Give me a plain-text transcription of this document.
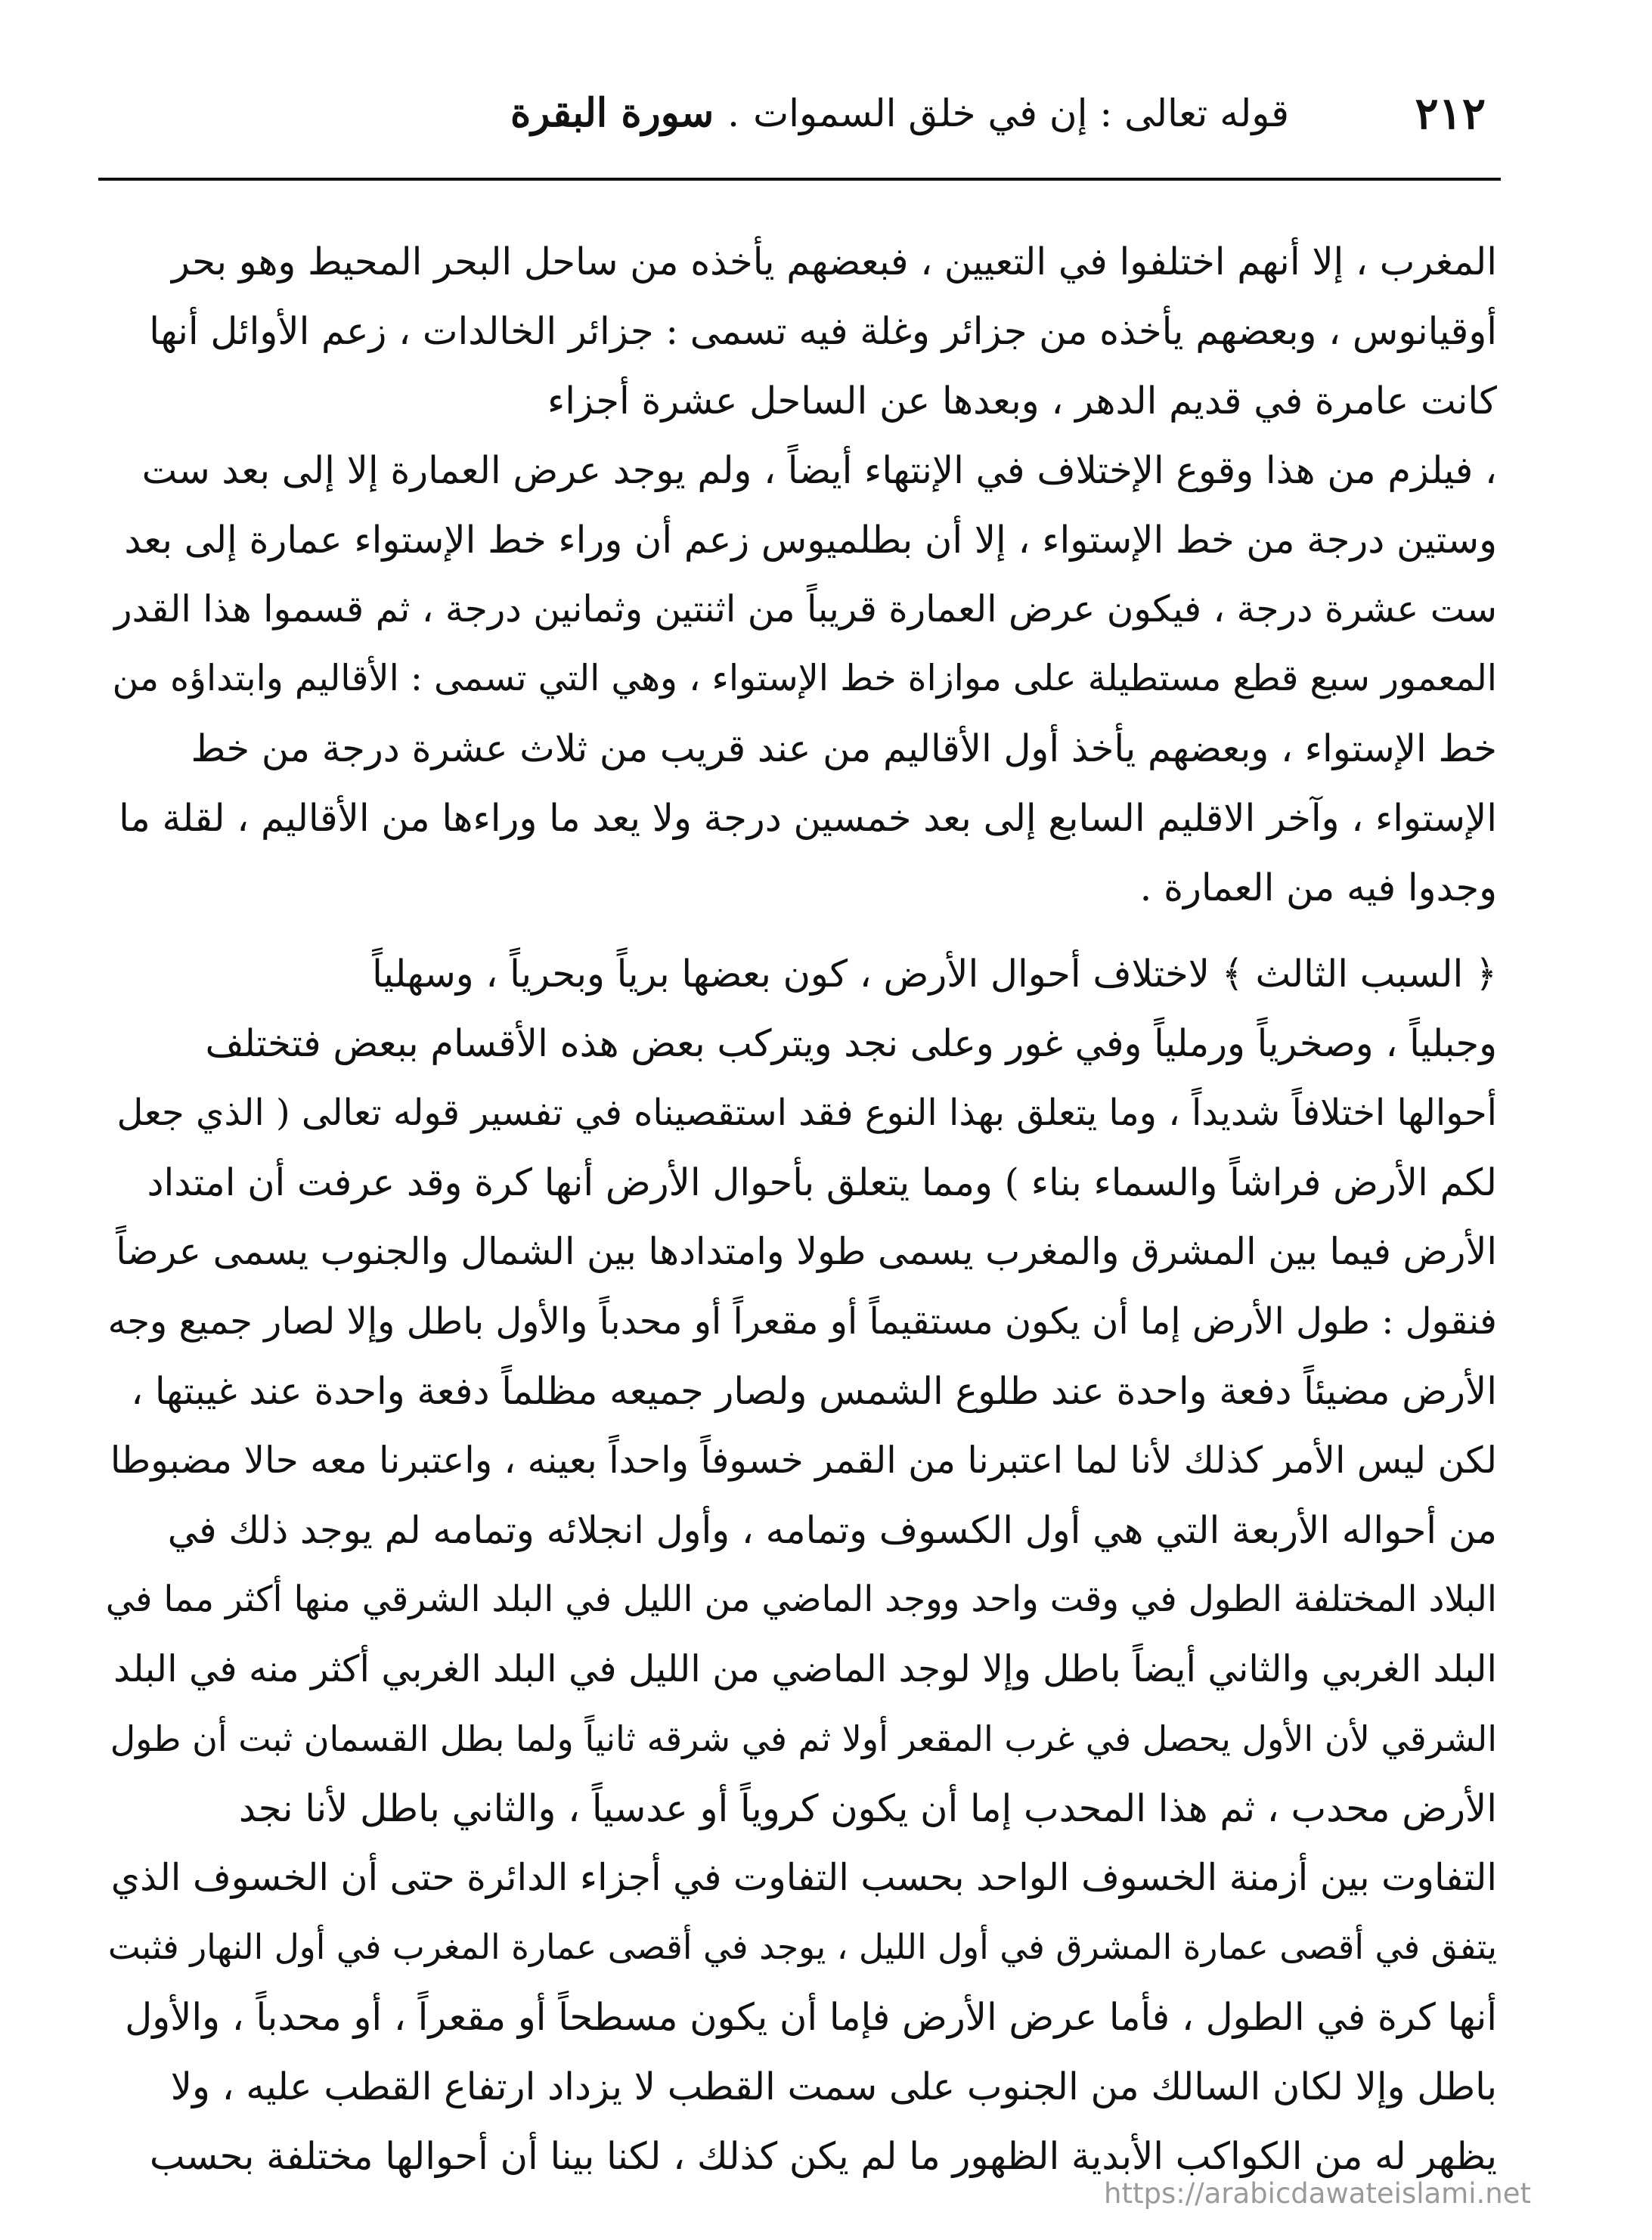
٢١٢
قوله تعالى : إن في خلق السموات.سورة البقرة
المغرب ، إلا أنهم اختلفوا في التعيين ، فبعضهم يأخذه من ساحل البحر المحيط وهو بحر
أوقيانوس ، وبعضهم يأخذه من جزائر وغلة فيه تسمى : جزائر الخالدات ، زعم الأوائل أنها
كانت عامرة في قديم الدهر ، وبعدها عن الساحل عشرة أجزاء
، فيلزم من هذا وقوع الإختلاف في الإنتهاء أيضاً ، ولم يوجد عرض العمارة إلا إلى بعد ست
وستين درجة من خط الإستواء ، إلا أن بطلميوس زعم أن وراء خط الإستواء عمارة إلى بعد
ست عشرة درجة ، فيكون عرض العمارة قريباً من اثنتين وثمانين درجة ، ثم قسموا هذا القدر
المعمور سبع قطع مستطيلة على موازاة خط الإستواء ، وهي التي تسمى : الأقاليم وابتداؤه من
خط الإستواء ، وبعضهم يأخذ أول الأقاليم من عند قريب من ثلاث عشرة درجة من خط
الإستواء ، وآخر الاقليم السابع إلى بعد خمسين درجة ولا يعد ما وراءها من الأقاليم ، لقلة ما
وجدوا فيه من العمارة .
﴿ السبب الثالث ﴾ لاختلاف أحوال الأرض ، كون بعضها برياً وبحرياً ، وسهلياً
وجبلياً ، وصخرياً ورملياً وفي غور وعلى نجد ويتركب بعض هذه الأقسام ببعض فتختلف
أحوالها اختلافاً شديداً ، وما يتعلق بهذا النوع فقد استقصيناه في تفسير قوله تعالى ( الذي جعل
لكم الأرض فراشاً والسماء بناء ) ومما يتعلق بأحوال الأرض أنها كرة وقد عرفت أن امتداد
الأرض فيما بين المشرق والمغرب يسمى طولا وامتدادها بين الشمال والجنوب يسمى عرضاً
فنقول : طول الأرض إما أن يكون مستقيماً أو مقعراً أو محدباً والأول باطل وإلا لصار جميع وجه
الأرض مضيئاً دفعة واحدة عند طلوع الشمس ولصار جميعه مظلماً دفعة واحدة عند غيبتها ،
لكن ليس الأمر كذلك لأنا لما اعتبرنا من القمر خسوفاً واحداً بعينه ، واعتبرنا معه حالا مضبوطا
من أحواله الأربعة التي هي أول الكسوف وتمامه ، وأول انجلائه وتمامه لم يوجد ذلك في
البلاد المختلفة الطول في وقت واحد ووجد الماضي من الليل في البلد الشرقي منها أكثر مما في
البلد الغربي والثاني أيضاً باطل وإلا لوجد الماضي من الليل في البلد الغربي أكثر منه في البلد
الشرقي لأن الأول يحصل في غرب المقعر أولا ثم في شرقه ثانياً ولما بطل القسمان ثبت أن طول
الأرض محدب ، ثم هذا المحدب إما أن يكون كروياً أو عدسياً ، والثاني باطل لأنا نجد
التفاوت بين أزمنة الخسوف الواحد بحسب التفاوت في أجزاء الدائرة حتى أن الخسوف الذي
يتفق في أقصى عمارة المشرق في أول الليل ، يوجد في أقصى عمارة المغرب في أول النهار فثبت
أنها كرة في الطول ، فأما عرض الأرض فإما أن يكون مسطحاً أو مقعراً ، أو محدباً ، والأول
باطل وإلا لكان السالك من الجنوب على سمت القطب لا يزداد ارتفاع القطب عليه ، ولا
يظهر له من الكواكب الأبدية الظهور ما لم يكن كذلك ، لكنا بينا أن أحوالها مختلفة بحسب
https://arabicdawateislami.net
